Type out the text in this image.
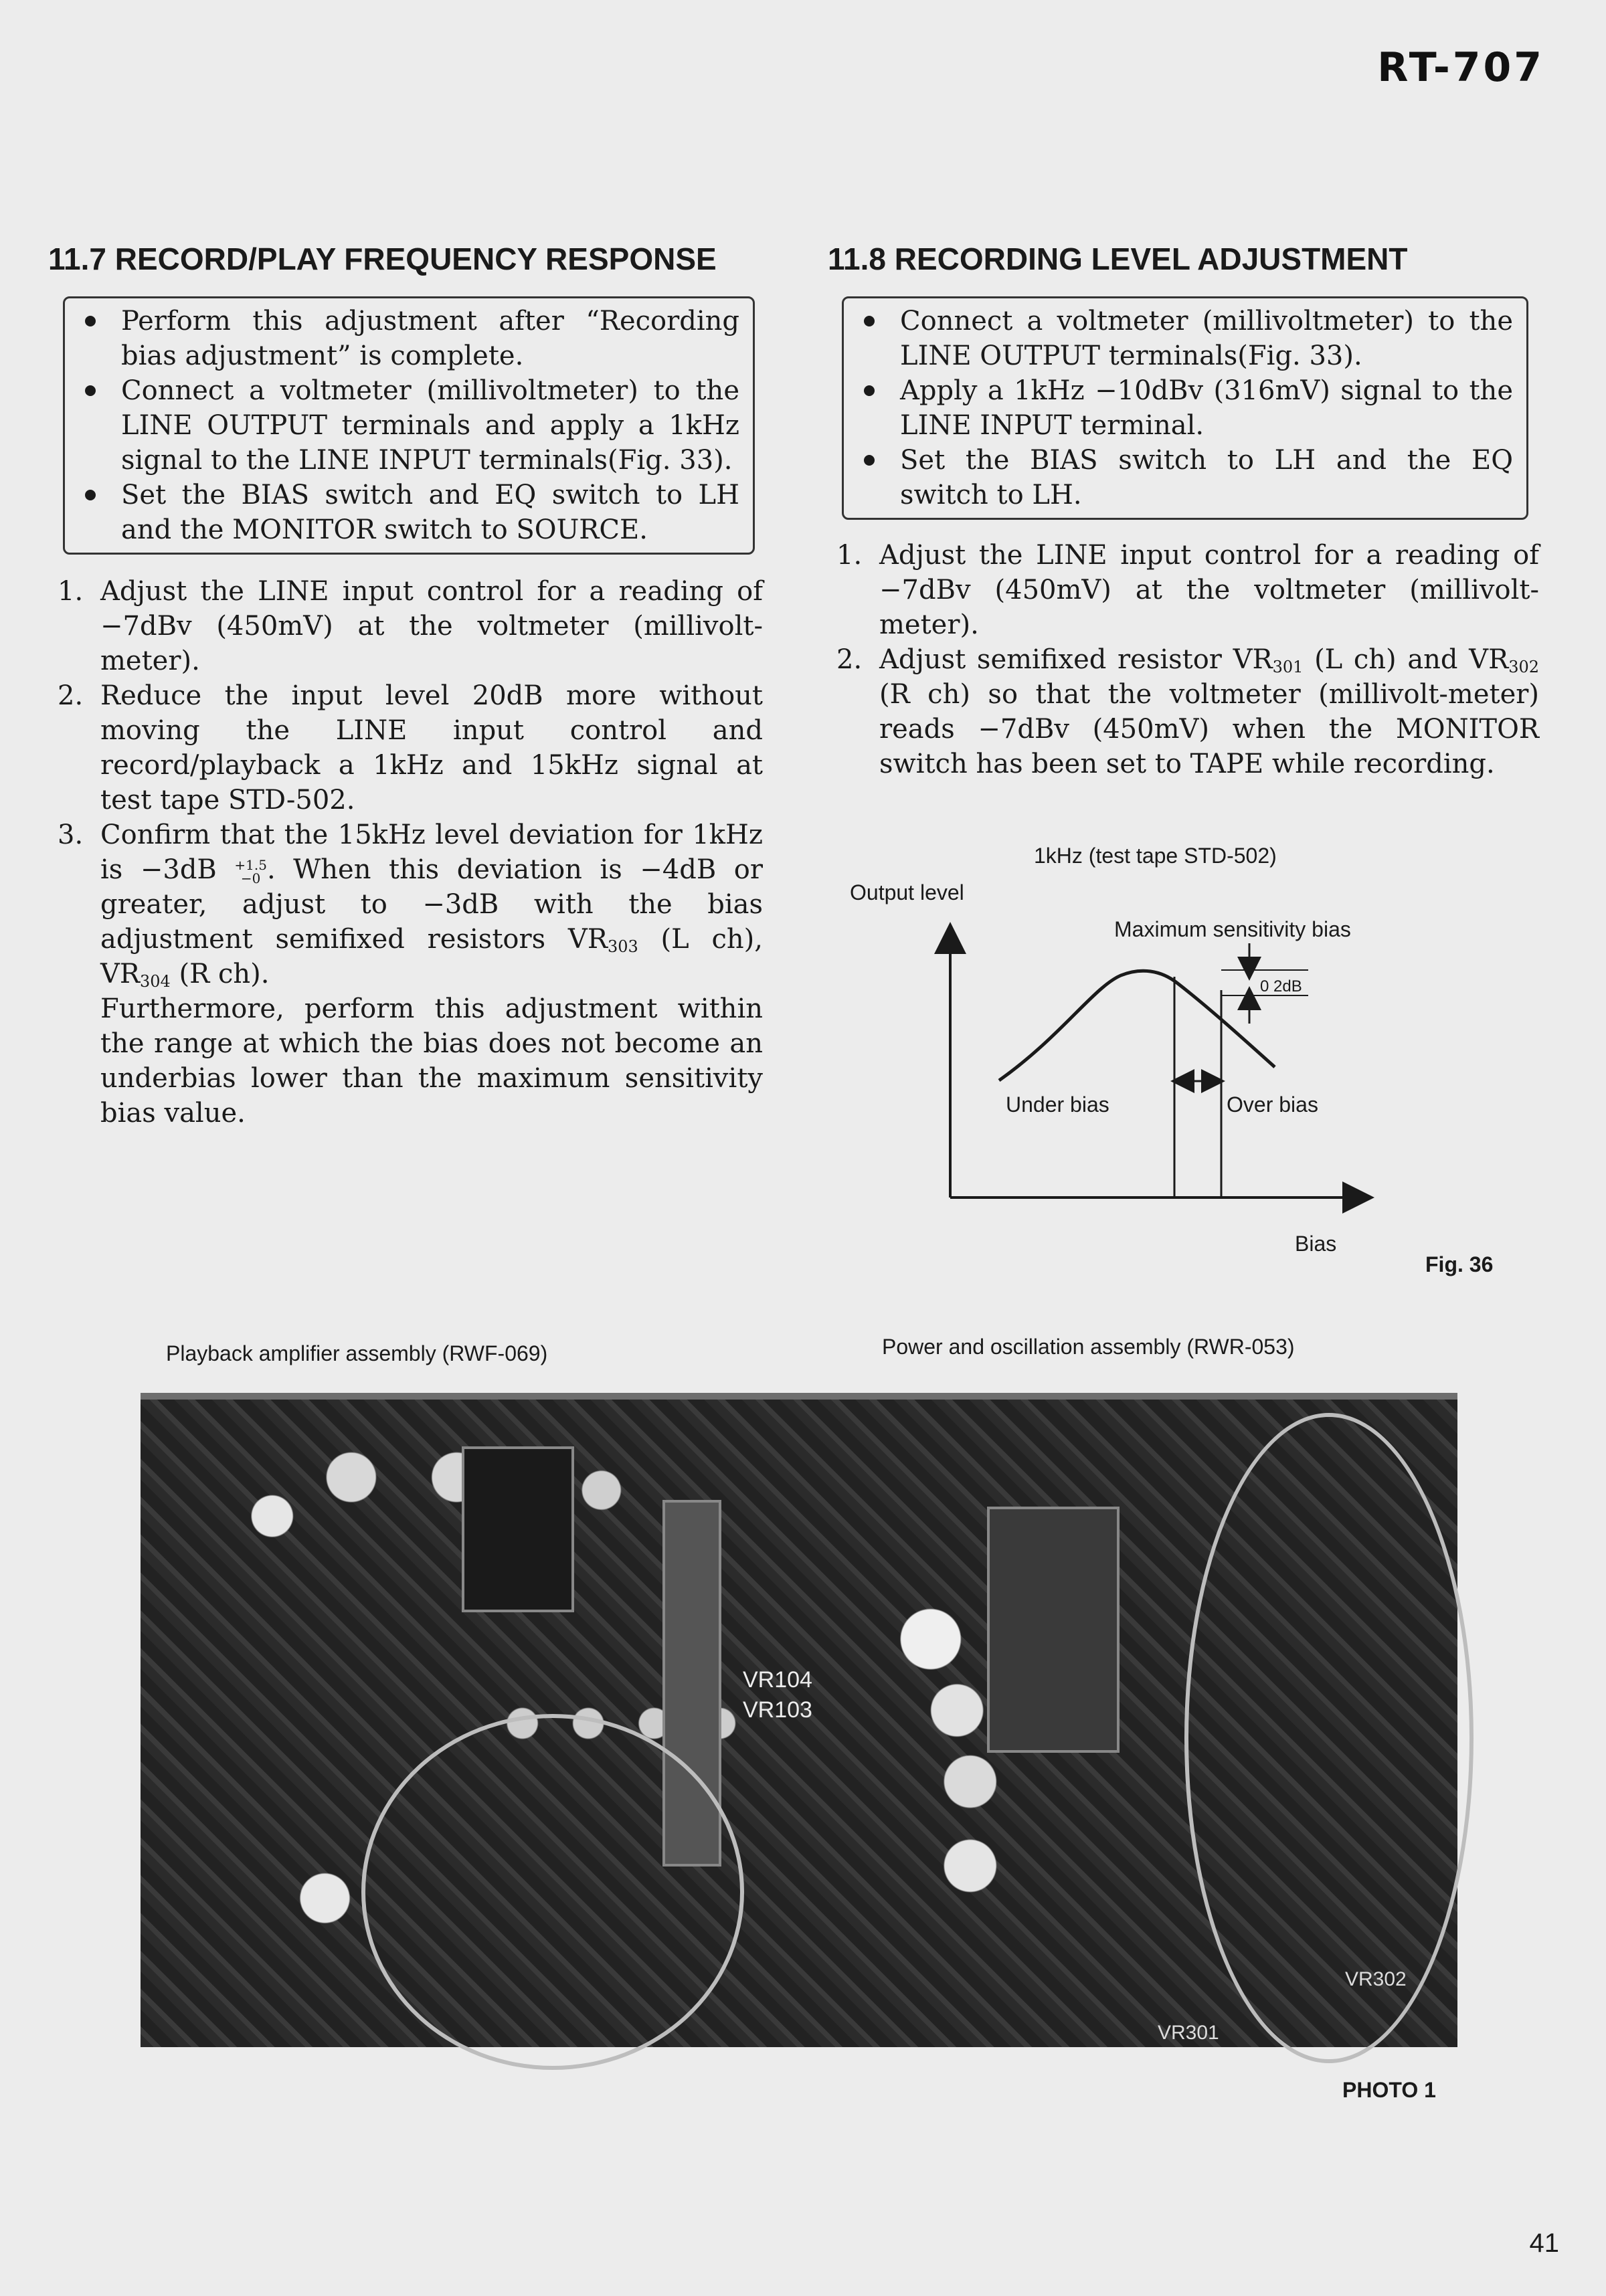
RT-707
11.7 RECORD/PLAY FREQUENCY RESPONSE
Perform this adjustment after “Recording bias adjustment” is complete.
Connect a voltmeter (millivoltmeter) to the LINE OUTPUT terminals and apply a 1kHz signal to the LINE INPUT terminals(Fig. 33).
Set the BIAS switch and EQ switch to LH and the MONITOR switch to SOURCE.
1. Adjust the LINE input control for a reading of −7dBv (450mV) at the voltmeter (millivolt-meter).
2. Reduce the input level 20dB more without moving the LINE input control and record/playback a 1kHz and 15kHz signal at test tape STD-502.
3. Confirm that the 15kHz level deviation for 1kHz is −3dB +1.5
−0 . When this deviation is −4dB or greater, adjust to −3dB with the bias adjustment semifixed resistors $VR_{303}$ (L ch), $VR_{304}$ (R ch).
Furthermore, perform this adjustment within the range at which the bias does not become an underbias lower than the maximum sensitivity bias value.
11.8 RECORDING LEVEL ADJUSTMENT
Connect a voltmeter (millivoltmeter) to the LINE OUTPUT terminals(Fig. 33).
Apply a 1kHz −10dBv (316mV) signal to the LINE INPUT terminal.
Set the BIAS switch to LH and the EQ switch to LH.
1. Adjust the LINE input control for a reading of −7dBv (450mV) at the voltmeter (millivolt-meter).
2. Adjust semifixed resistor $VR_{301}$ (L ch) and $VR_{302}$ (R ch) so that the voltmeter (millivolt-meter) reads −7dBv (450mV) when the MONITOR switch has been set to TAPE while recording.
1kHz (test tape STD-502)
Output level
Maximum sensitivity bias
0 2dB
Under bias	Over bias
Bias
Fig. 36
Playback amplifier assembly (RWF-069)	Power and oscillation assembly (RWR-053)
VR104
VR103
VR301
VR302
PHOTO 1
41
